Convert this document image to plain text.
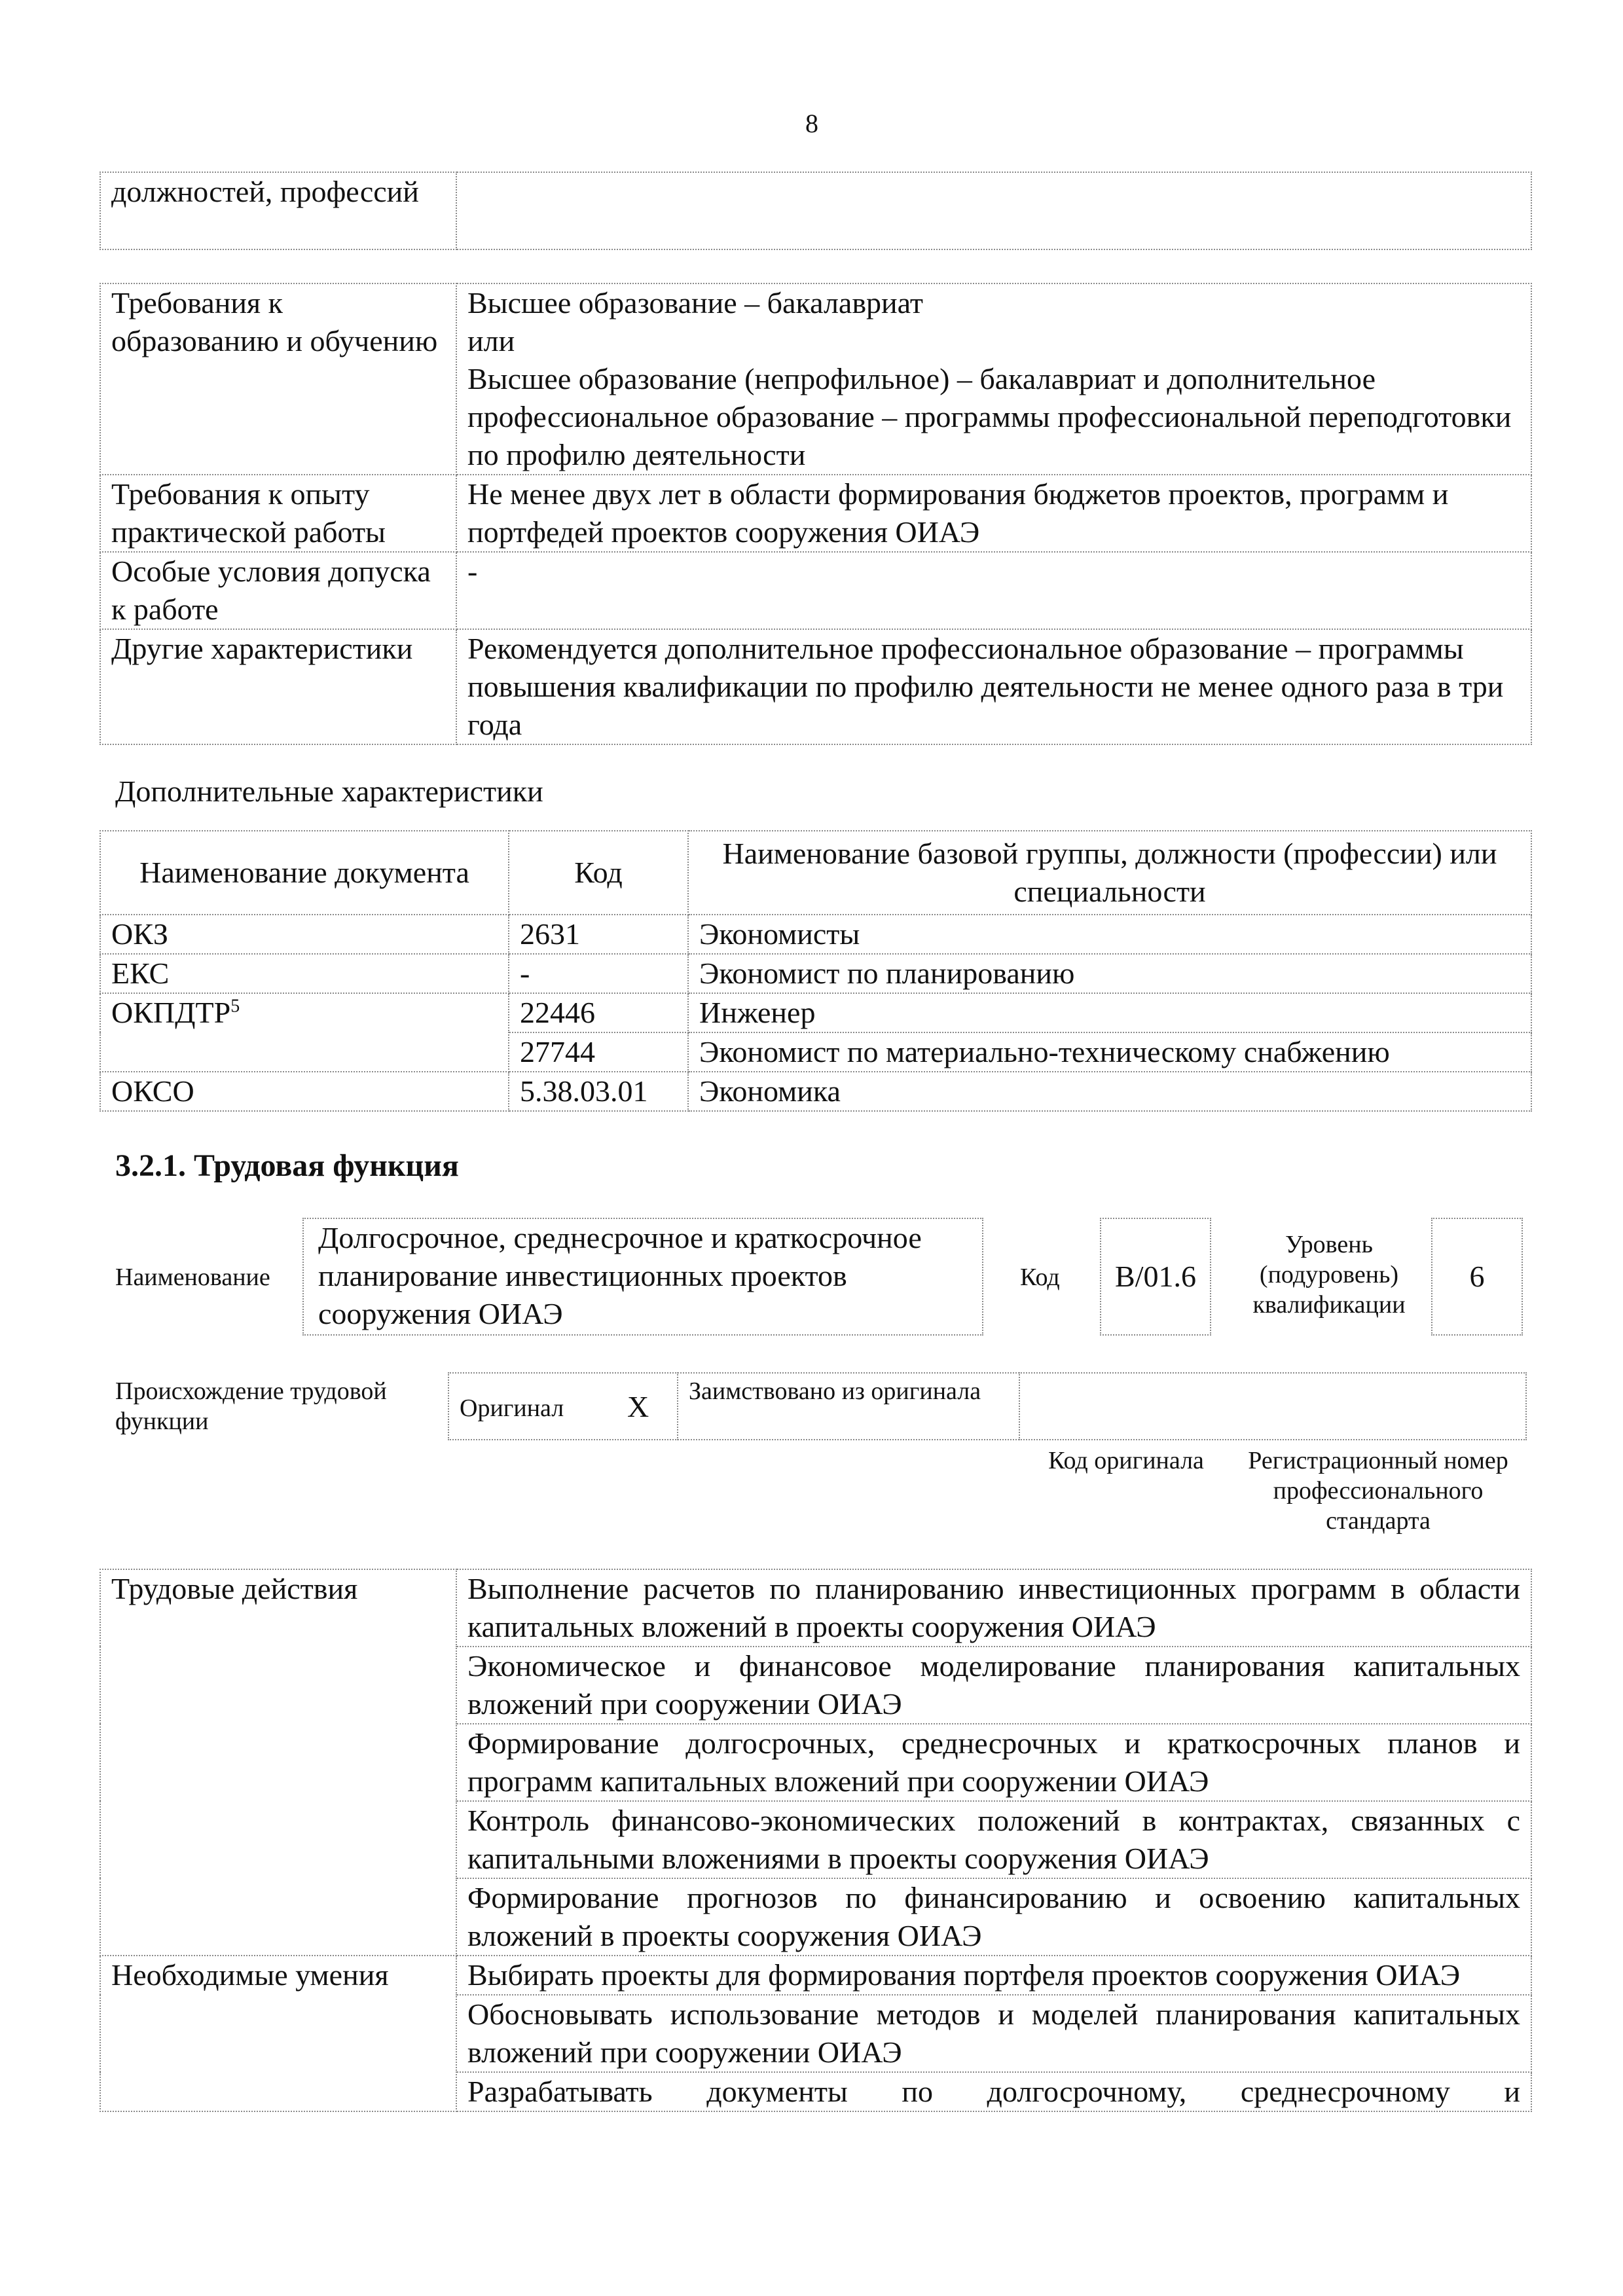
8
должностей, профессий	
Требования к образованию и обучению	Высшее образование – бакалавриат
или
Высшее образование (непрофильное) – бакалавриат и дополнительное профессиональное образование – программы профессиональной переподготовки по профилю деятельности

Требования к опыту практической работы	Не менее двух лет в области формирования бюджетов проектов, программ и портфедей проектов сооружения ОИАЭ
Особые условия допуска к работе	-
Другие характеристики	Рекомендуется дополнительное профессиональное образование – программы повышения квалификации по профилю деятельности не менее одного раза в три года
Дополнительные характеристики
Наименование документа	Код	Наименование базовой группы, должности (профессии) или специальности
ОКЗ	2631	Экономисты
ЕКС	-	Экономист по планированию
ОКПДТР$^5$	22446	Инженер
	27744	Экономист по материально-техническому снабжению
ОКСО	5.38.03.01	Экономика
3.2.1. Трудовая функция
Наименование
Долгосрочное, среднесрочное и краткосрочное планирование инвестиционных проектов сооружения ОИАЭ
Код	B/01.6
Уровень (подуровень) квалификации
6
Происхождение трудовой функции	Оригинал X Заимствовано из оригинала
Код оригинала	Регистрационный номер профессионального стандарта
Трудовые действия	Выполнение расчетов по планированию инвестиционных программ в области капитальных вложений в проекты сооружения ОИАЭ
	Экономическое и финансовое моделирование планирования капитальных вложений при сооружении ОИАЭ
	Формирование долгосрочных, среднесрочных и краткосрочных планов и программ капитальных вложений при сооружении ОИАЭ
	Контроль финансово-экономических положений в контрактах, связанных с капитальными вложениями в проекты сооружения ОИАЭ
	Формирование прогнозов по финансированию и освоению капитальных вложений в проекты сооружения ОИАЭ
Необходимые умения	Выбирать проекты для формирования портфеля проектов сооружения ОИАЭ
	Обосновывать использование методов и моделей планирования капитальных вложений при сооружении ОИАЭ
	Разрабатывать документы по долгосрочному, среднесрочному и
